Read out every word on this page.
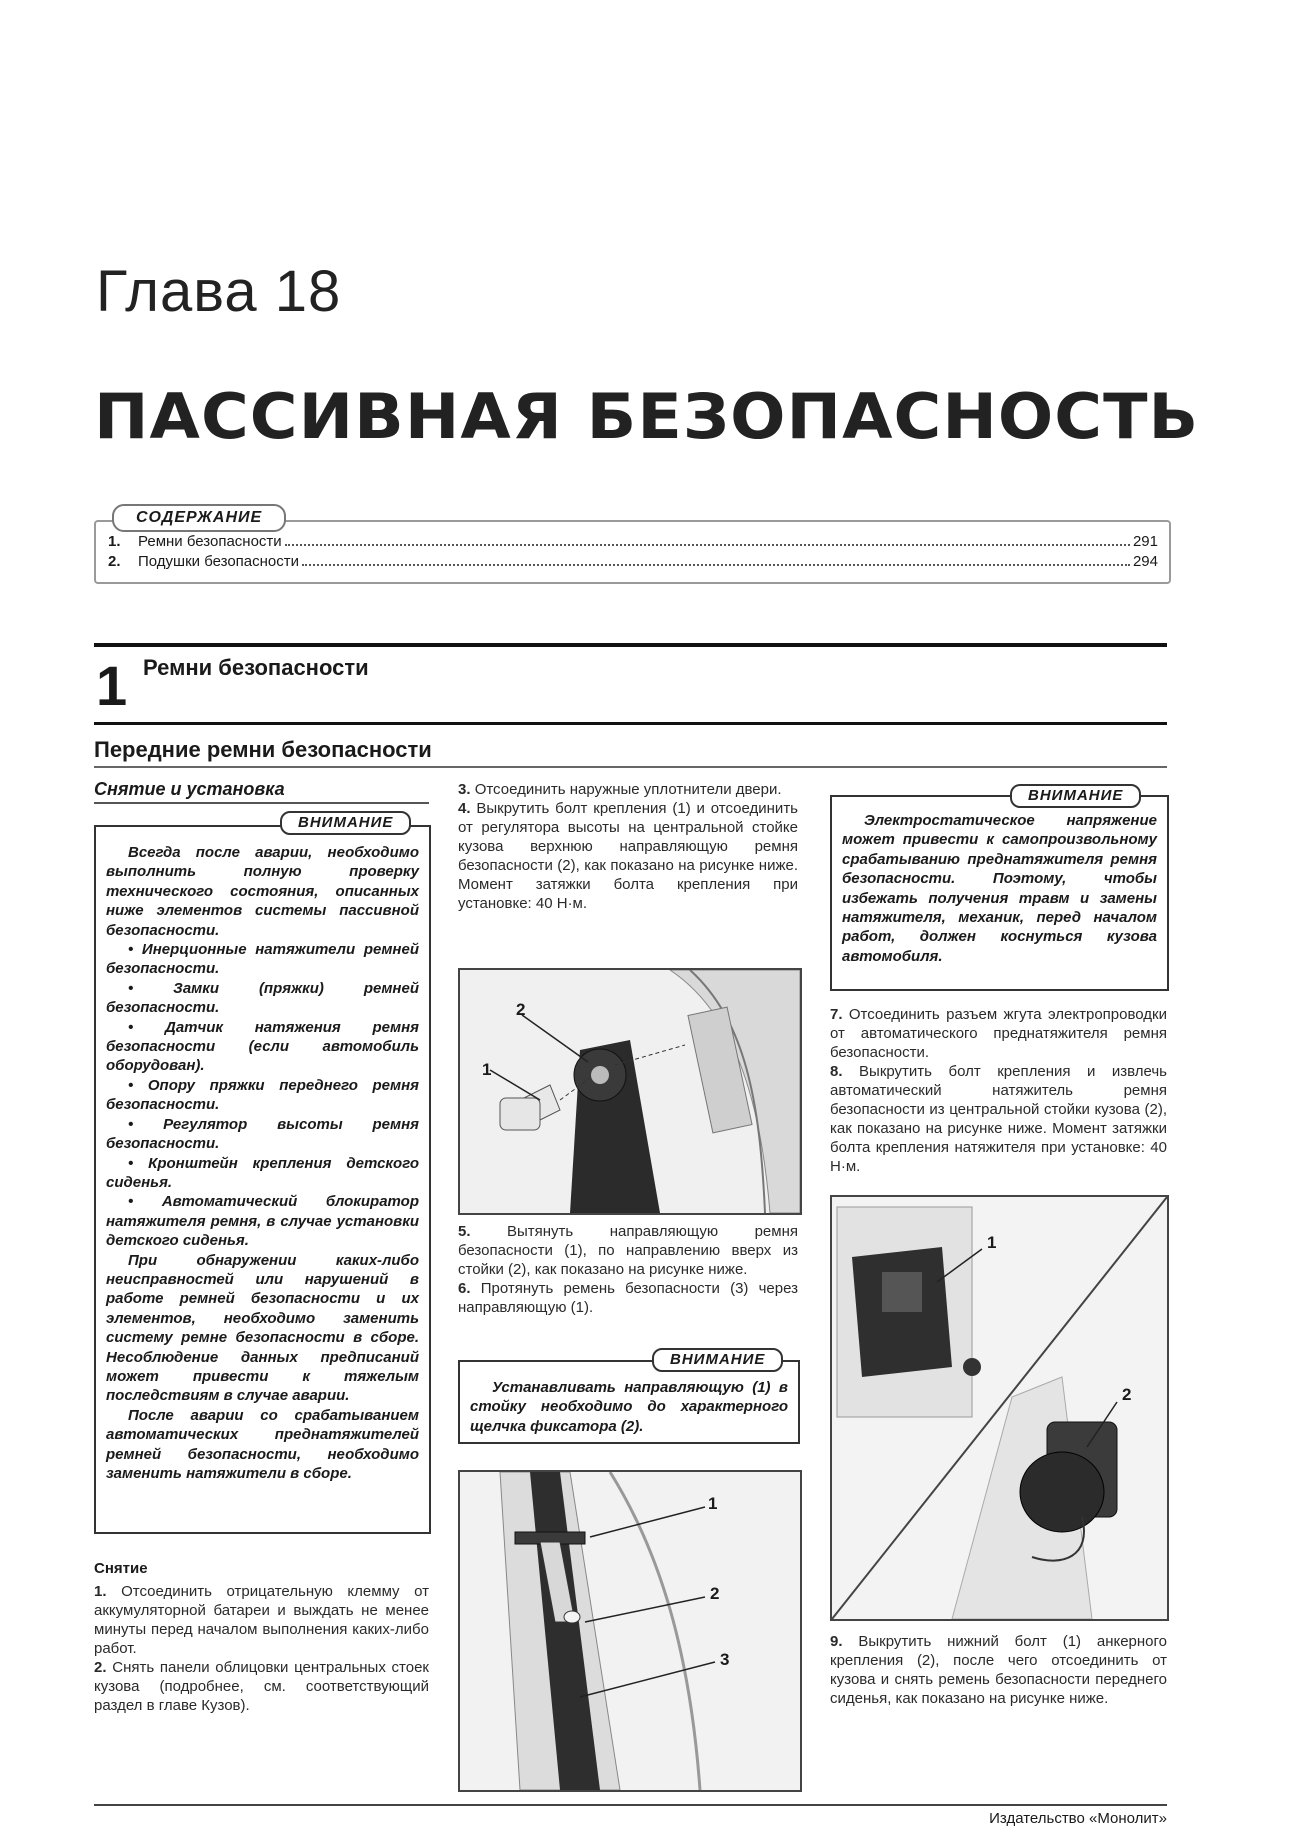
Глава 18
ПАССИВНАЯ БЕЗОПАСНОСТЬ
СОДЕРЖАНИЕ
1.	Ремни безопасности	291
2.	Подушки безопасности	294
1 Ремни безопасности
Передние ремни безопасности
Снятие и установка

Всегда после аварии, необходимо выполнить полную проверку технического состояния, описанных ниже элементов системы пассивной безопасности.

• Инерционные натяжители ремней безопасности.

• Замки (пряжки) ремней безопасности.

• Датчик натяжения ремня безопасности (если автомобиль оборудован).

• Опору пряжки переднего ремня безопасности.

• Регулятор высоты ремня безопасности.

• Кронштейн крепления детского сиденья.

• Автоматический блокиратор натяжителя ремня, в случае установки детского сиденья.

При обнаружении каких-либо неисправностей или нарушений в работе ремней безопасности и их элементов, необходимо заменить систему ремне безопасности в сборе. Несоблюдение данных предписаний может привести к тяжелым последствиям в случае аварии.

После аварии со срабатыванием автоматических преднатяжителей ремней безопасности, необходимо заменить натяжители в сборе.

ВНИМАНИЕ
Снятие

1. Отсоединить отрицательную клемму от аккумуляторной батареи и выждать не менее минуты перед началом выполнения каких-либо работ.

2. Снять панели облицовки центральных стоек кузова (подробнее, см. соответствующий раздел в главе Кузов).

3. Отсоединить наружные уплотнители двери.

4. Выкрутить болт крепления (1) и отсоединить от регулятора высоты на центральной стойке кузова верхнюю направляющую ремня безопасности (2), как показано на рисунке ниже. Момент затяжки болта крепления при установке: 40 Н·м.

2
1

5. Вытянуть направляющую ремня безопасности (1), по направлению вверх из стойки (2), как показано на рисунке ниже.

6. Протянуть ремень безопасности (3) через направляющую (1).

Устанавливать направляющую (1) в стойку необходимо до характерного щелчка фиксатора (2).

ВНИМАНИЕ
1
2
3

Электростатическое напряжение может привести к самопроизвольному срабатыванию преднатяжителя ремня безопасности. Поэтому, чтобы избежать получения травм и замены натяжителя, механик, перед началом работ, должен коснуться кузова автомобиля.

ВНИМАНИЕ

7. Отсоединить разъем жгута электропроводки от автоматического преднатяжителя ремня безопасности.

8. Выкрутить болт крепления и извлечь автоматический натяжитель ремня безопасности из центральной стойки кузова (2), как показано на рисунке ниже. Момент затяжки болта крепления натяжителя при установке: 40 Н·м.

1
2

9. Выкрутить нижний болт (1) анкерного крепления (2), после чего отсоединить от кузова и снять ремень безопасности переднего сиденья, как показано на рисунке ниже.

Издательство «Монолит»
